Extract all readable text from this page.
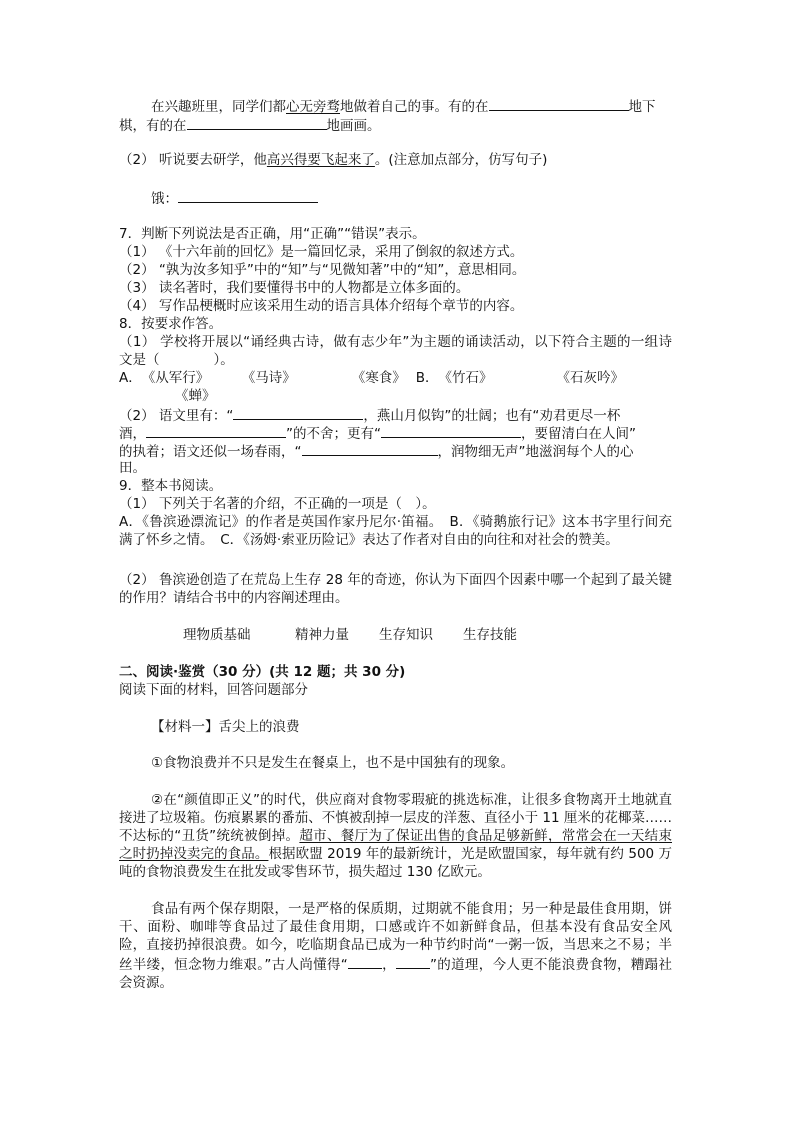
在兴趣班里，同学们都心无旁骛地做着自己的事。有的在	地下
棋，有的在	地画画。
（2） 听说要去研学，他高兴得要飞起来了。(注意加点部分，仿写句子)
饿：
7．判断下列说法是否正确，用“正确”“错误”表示。
（1） 《十六年前的回忆》是一篇回忆录，采用了倒叙的叙述方式。
（2） “孰为汝多知乎”中的“知”与“见微知著”中的“知”，意思相同。
（3） 读名著时，我们要懂得书中的人物都是立体多面的。
（4） 写作品梗概时应该采用生动的语言具体介绍每个章节的内容。
8．按要求作答。
（1） 学校将开展以“诵经典古诗，做有志少年”为主题的诵读活动，以下符合主题的一组诗文是（　　　　）。
A．《从军行》 《马诗》	《寒食》 B．《竹石》	《石灰吟》
《蝉》
（2） 语文里有：“	，燕山月似钩”的壮阔；也有“劝君更尽一杯
酒，	”的不舍；更有“	，要留清白在人间”
的执着；语文还似一场春雨，“	，润物细无声”地滋润每个人的心
田。
9．整本书阅读。
（1） 下列关于名著的介绍，不正确的一项是（　）。
A．《鲁滨逊漂流记》的作者是英国作家丹尼尔·笛福。　B．《骑鹅旅行记》这本书字里行间充满了怀乡之情。　C．《汤姆·索亚历险记》表达了作者对自由的向往和对社会的赞美。
（2） 鲁滨逊创造了在荒岛上生存 28 年的奇迹，你认为下面四个因素中哪一个起到了最关键的作用？请结合书中的内容阐述理由。
理物质基础	精神力量 生存知识 生存技能
二、阅读·鉴赏（30 分）(共 12 题；共 30 分)
阅读下面的材料，回答问题部分
【材料一】舌尖上的浪费
①食物浪费并不只是发生在餐桌上，也不是中国独有的现象。
②在“颜值即正义”的时代，供应商对食物零瑕疵的挑选标准，让很多食物离开土地就直接进了垃圾箱。伤痕累累的番茄、不慎被刮掉一层皮的洋葱、直径小于 11 厘米的花椰菜……不达标的“丑货”统统被倒掉。超市、餐厅为了保证出售的食品足够新鲜，常常会在一天结束之时扔掉没卖完的食品。根据欧盟 2019 年的最新统计，光是欧盟国家，每年就有约 500 万吨的食物浪费发生在批发或零售环节，损失超过 130 亿欧元。
食品有两个保存期限，一是严格的保质期，过期就不能食用；另一种是最佳食用期，饼干、面粉、咖啡等食品过了最佳食用期，口感或许不如新鲜食品，但基本没有食品安全风险，直接扔掉很浪费。如今，吃临期食品已成为一种节约时尚“一粥一饭，当思来之不易；半丝半缕，恒念物力维艰。”古人尚懂得“	，	”的道理，今人更不能浪费食物，糟蹋社会资源。
